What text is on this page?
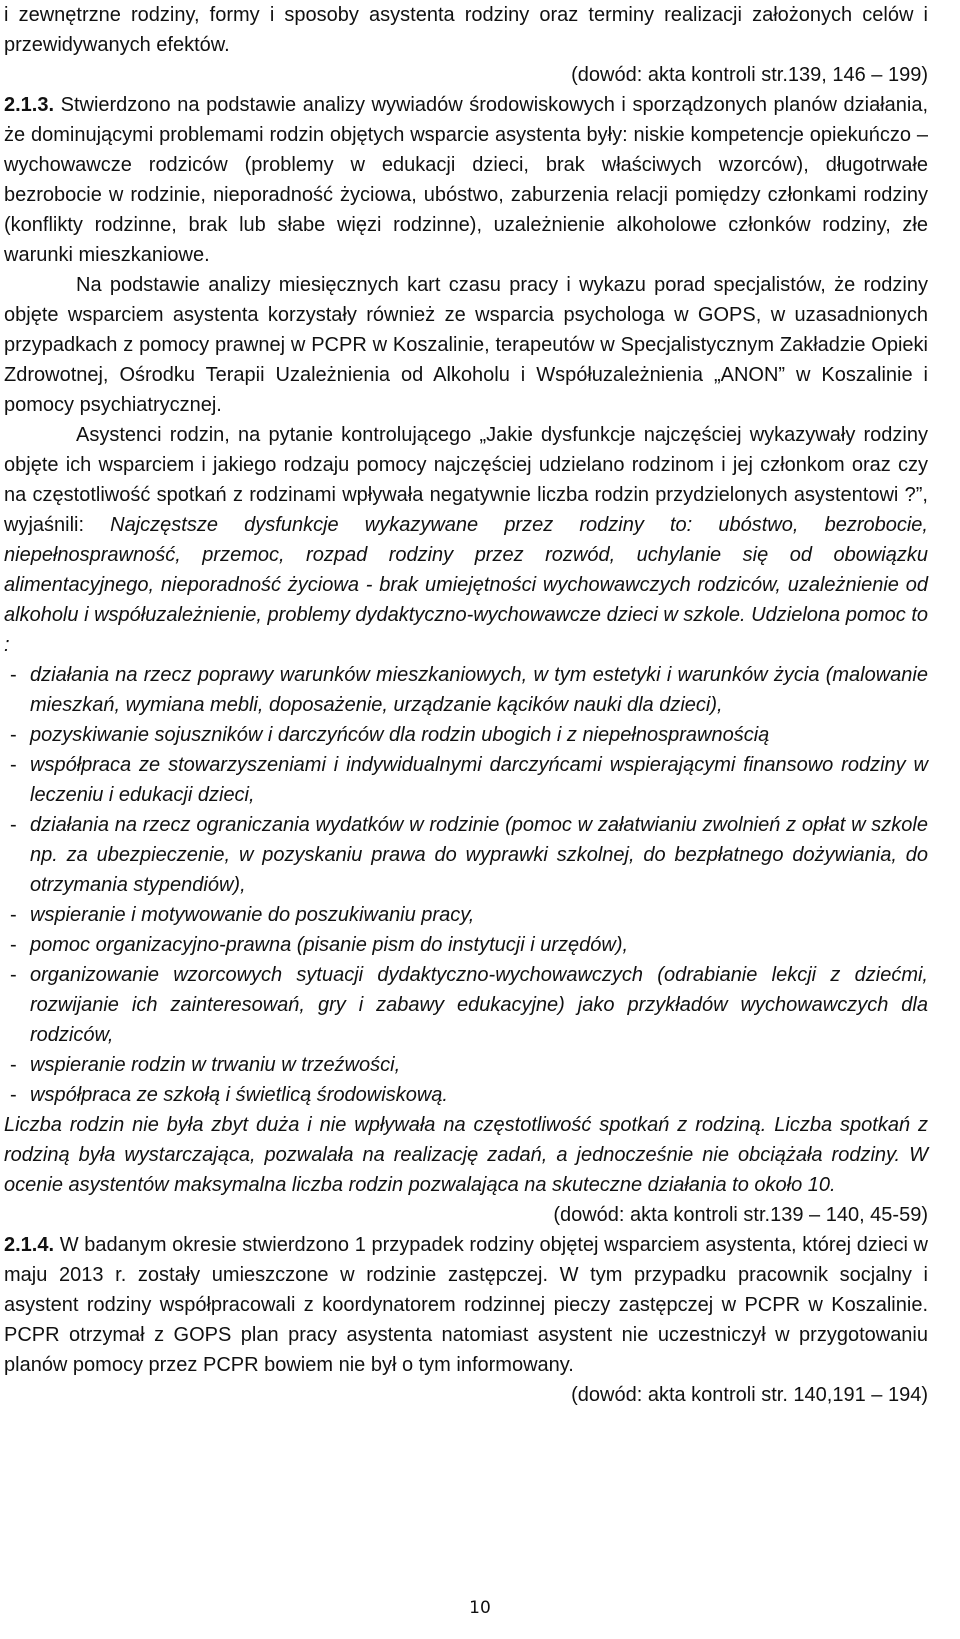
i zewnętrzne rodziny, formy i sposoby asystenta rodziny oraz terminy realizacji założonych celów i przewidywanych efektów.

(dowód: akta kontroli str.139, 146 – 199)

2.1.3. Stwierdzono na podstawie analizy wywiadów środowiskowych i sporządzonych planów działania, że dominującymi problemami rodzin objętych wsparcie asystenta były: niskie kompetencje opiekuńczo – wychowawcze rodziców (problemy w edukacji dzieci, brak właściwych wzorców), długotrwałe bezrobocie w rodzinie, nieporadność życiowa, ubóstwo, zaburzenia relacji pomiędzy członkami rodziny (konflikty rodzinne, brak lub słabe więzi rodzinne), uzależnienie alkoholowe członków rodziny, złe warunki mieszkaniowe.

Na podstawie analizy miesięcznych kart czasu pracy i wykazu porad specjalistów, że rodziny objęte wsparciem asystenta korzystały również ze wsparcia psychologa w GOPS, w uzasadnionych przypadkach z pomocy prawnej w PCPR w Koszalinie, terapeutów w Specjalistycznym Zakładzie Opieki Zdrowotnej, Ośrodku Terapii Uzależnienia od Alkoholu i Współuzależnienia „ANON” w Koszalinie i pomocy psychiatrycznej.

Asystenci rodzin, na pytanie kontrolującego „Jakie dysfunkcje najczęściej wykazywały rodziny objęte ich wsparciem i jakiego rodzaju pomocy najczęściej udzielano rodzinom i jej członkom oraz czy na częstotliwość spotkań z rodzinami wpływała negatywnie liczba rodzin przydzielonych asystentowi ?”, wyjaśnili: Najczęstsze dysfunkcje wykazywane przez rodziny to: ubóstwo, bezrobocie, niepełnosprawność, przemoc, rozpad rodziny przez rozwód, uchylanie się od obowiązku alimentacyjnego, nieporadność życiowa - brak umiejętności wychowawczych rodziców, uzależnienie od alkoholu i współuzależnienie, problemy dydaktyczno-wychowawcze dzieci w szkole. Udzielona pomoc to :

- działania na rzecz poprawy warunków mieszkaniowych, w tym estetyki i warunków życia (malowanie mieszkań, wymiana mebli, doposażenie, urządzanie kącików nauki dla dzieci),
- pozyskiwanie sojuszników i darczyńców dla rodzin ubogich i z niepełnosprawnością
- współpraca ze stowarzyszeniami i indywidualnymi darczyńcami wspierającymi finansowo rodziny w leczeniu i edukacji dzieci,
- działania na rzecz ograniczania wydatków w rodzinie (pomoc w załatwianiu zwolnień z opłat w szkole np. za ubezpieczenie, w pozyskaniu prawa do wyprawki szkolnej, do bezpłatnego dożywiania, do otrzymania stypendiów),
- wspieranie i motywowanie do poszukiwaniu pracy,
- pomoc organizacyjno-prawna (pisanie pism do instytucji i urzędów),
- organizowanie wzorcowych sytuacji dydaktyczno-wychowawczych (odrabianie lekcji z dziećmi, rozwijanie ich zainteresowań, gry i zabawy edukacyjne) jako przykładów wychowawczych dla rodziców,
- wspieranie rodzin w trwaniu w trzeźwości,
- współpraca ze szkołą i świetlicą środowiskową.

Liczba rodzin nie była zbyt duża i nie wpływała na częstotliwość spotkań z rodziną. Liczba spotkań z rodziną była wystarczająca, pozwalała na realizację zadań, a jednocześnie nie obciążała rodziny. W ocenie asystentów maksymalna liczba rodzin pozwalająca na skuteczne działania to około 10.

(dowód: akta kontroli str.139 – 140, 45-59)

2.1.4. W badanym okresie stwierdzono 1 przypadek rodziny objętej wsparciem asystenta, której dzieci w maju 2013 r. zostały umieszczone w rodzinie zastępczej. W tym przypadku pracownik socjalny i asystent rodziny współpracowali z koordynatorem rodzinnej pieczy zastępczej w PCPR w Koszalinie. PCPR otrzymał z GOPS plan pracy asystenta natomiast asystent nie uczestniczył w przygotowaniu planów pomocy przez PCPR bowiem nie był o tym informowany.

(dowód: akta kontroli str. 140,191 – 194)

10
